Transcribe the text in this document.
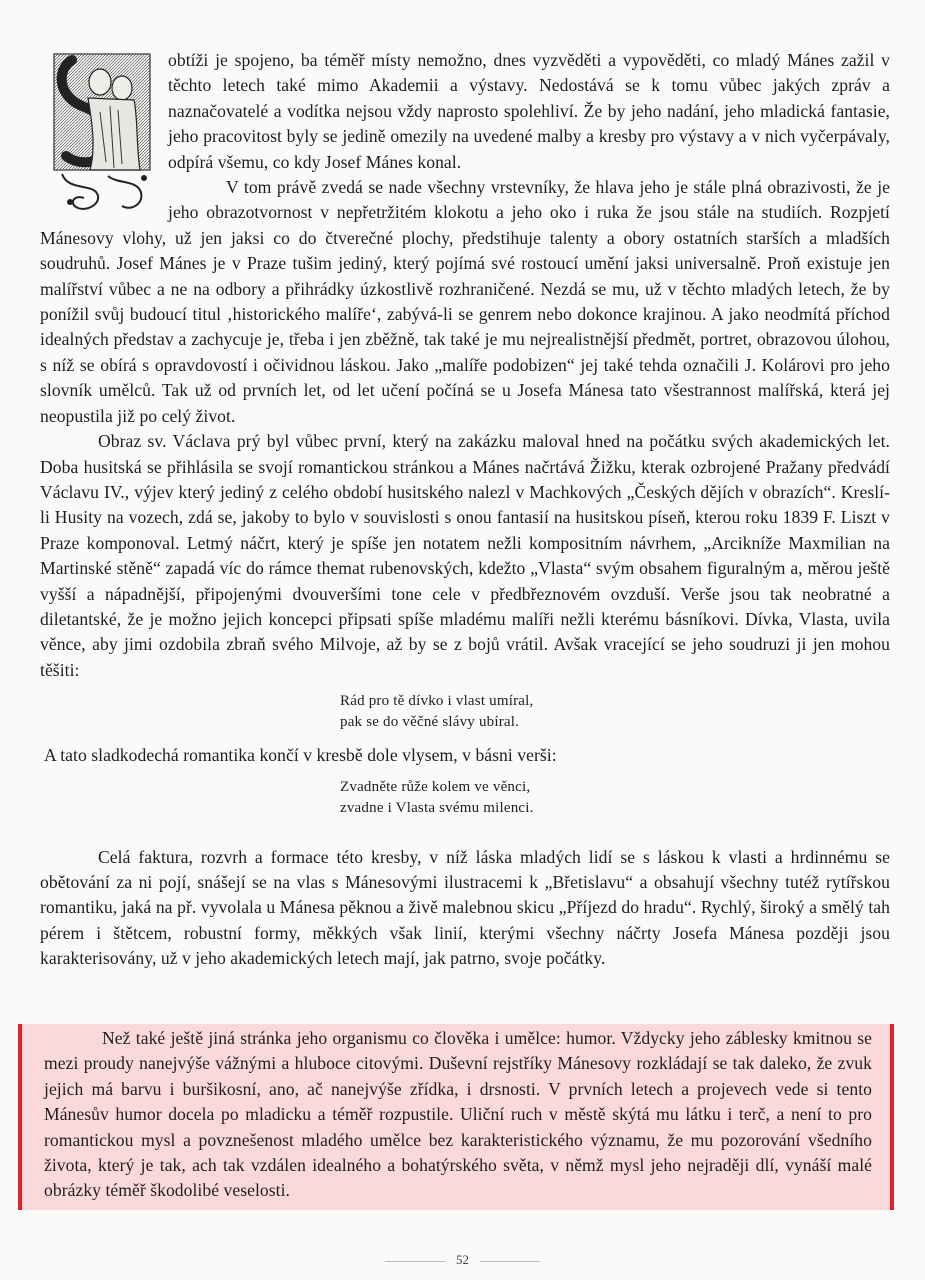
obtíži je spojeno, ba téměř místy nemožno, dnes vyzvěděti a vypověděti, co mladý Mánes zažil v těchto letech také mimo Akademii a výstavy. Nedostává se k tomu vůbec jakých zpráv a naznačovatelé a vodítka nejsou vždy naprosto spolehliví. Že by jeho nadání, jeho mladická fantasie, jeho pracovitost byly se jedině omezily na uvedené malby a kresby pro výstavy a v nich vyčerpávaly, odpírá všemu, co kdy Josef Mánes konal.

V tom právě zvedá se nade všechny vrstevníky, že hlava jeho je stále plná obrazivosti, že je jeho obrazotvornost v nepřetržitém klokotu a jeho oko i ruka že jsou stále na studiích. Rozpjetí Mánesovy vlohy, už jen jaksi co do čtverečné plochy, předstihuje talenty a obory ostatních starších a mladších soudruhů. Josef Mánes je v Praze tušim jediný, který pojímá své rostoucí umění jaksi universalně. Proň existuje jen malířství vůbec a ne na odbory a přihrádky úzkostlivě rozhraničené. Nezdá se mu, už v těchto mladých letech, že by ponížil svůj budoucí titul ‚historického malíře‘, zabývá-li se genrem nebo dokonce krajinou. A jako neodmítá příchod idealných představ a zachycuje je, třeba i jen zběžně, tak také je mu nejrealistnější předmět, portret, obrazovou úlohou, s níž se obírá s opravdovostí i očividnou láskou. Jako „malíře podobizen“ jej také tehda označili J. Kolárovi pro jeho slovník umělců. Tak už od prvních let, od let učení počíná se u Josefa Mánesa tato všestrannost malířská, která jej neopustila již po celý život.

Obraz sv. Václava prý byl vůbec první, který na zakázku maloval hned na počátku svých akademických let. Doba husitská se přihlásila se svojí romantickou stránkou a Mánes načrtává Žižku, kterak ozbrojené Pražany předvádí Václavu IV., výjev který jediný z celého období husitského nalezl v Machkových „Českých dějích v obrazích“. Kreslí-li Husity na vozech, zdá se, jakoby to bylo v souvislosti s onou fantasií na husitskou píseň, kterou roku 1839 F. Liszt v Praze komponoval. Letmý náčrt, který je spíše jen notatem nežli kompositním návrhem, „Arcikníže Maxmilian na Martinské stěně“ zapadá víc do rámce themat rubenovských, kdežto „Vlasta“ svým obsahem figuralným a, měrou ještě vyšší a nápadnější, připojenými dvouveršími tone cele v předbřeznovém ovzduší. Verše jsou tak neobratné a diletantské, že je možno jejich koncepci připsati spíše mladému malíři nežli kterému básníkovi. Dívka, Vlasta, uvila věnce, aby jimi ozdobila zbraň svého Milvoje, až by se z bojů vrátil. Avšak vracející se jeho soudruzi ji jen mohou těšiti:

Rád pro tě dívko i vlast umíral,
pak se do věčné slávy ubíral.

A tato sladkodechá romantika končí v kresbě dole vlysem, v básni verši:

Zvadněte růže kolem ve věnci,
zvadne i Vlasta svému milenci.

Celá faktura, rozvrh a formace této kresby, v níž láska mladých lidí se s láskou k vlasti a hrdinnému se obětování za ni pojí, snášejí se na vlas s Mánesovými ilustracemi k „Břetislavu“ a obsahují všechny tutéž rytířskou romantiku, jaká na př. vyvolala u Mánesa pěknou a živě malebnou skicu „Příjezd do hradu“. Rychlý, široký a smělý tah pérem i štětcem, robustní formy, měkkých však linií, kterými všechny náčrty Josefa Mánesa později jsou karakterisovány, už v jeho akademických letech mají, jak patrno, svoje počátky.

Než také ještě jiná stránka jeho organismu co člověka i umělce: humor. Vždycky jeho záblesky kmitnou se mezi proudy nanejvýše vážnými a hluboce citovými. Duševní rejstříky Mánesovy rozkládají se tak daleko, že zvuk jejich má barvu i buršikosní, ano, ač nanejvýše zřídka, i drsnosti. V prvních letech a projevech vede si tento Mánesův humor docela po mladicku a téměř rozpustile. Uliční ruch v městě skýtá mu látku i terč, a není to pro romantickou mysl a povznešenost mladého umělce bez karakteristického významu, že mu pozorování všedního života, který je tak, ach tak vzdálen idealného a bohatýrského světa, v němž mysl jeho nejraději dlí, vynáší malé obrázky téměř škodolibé veselosti.

52
